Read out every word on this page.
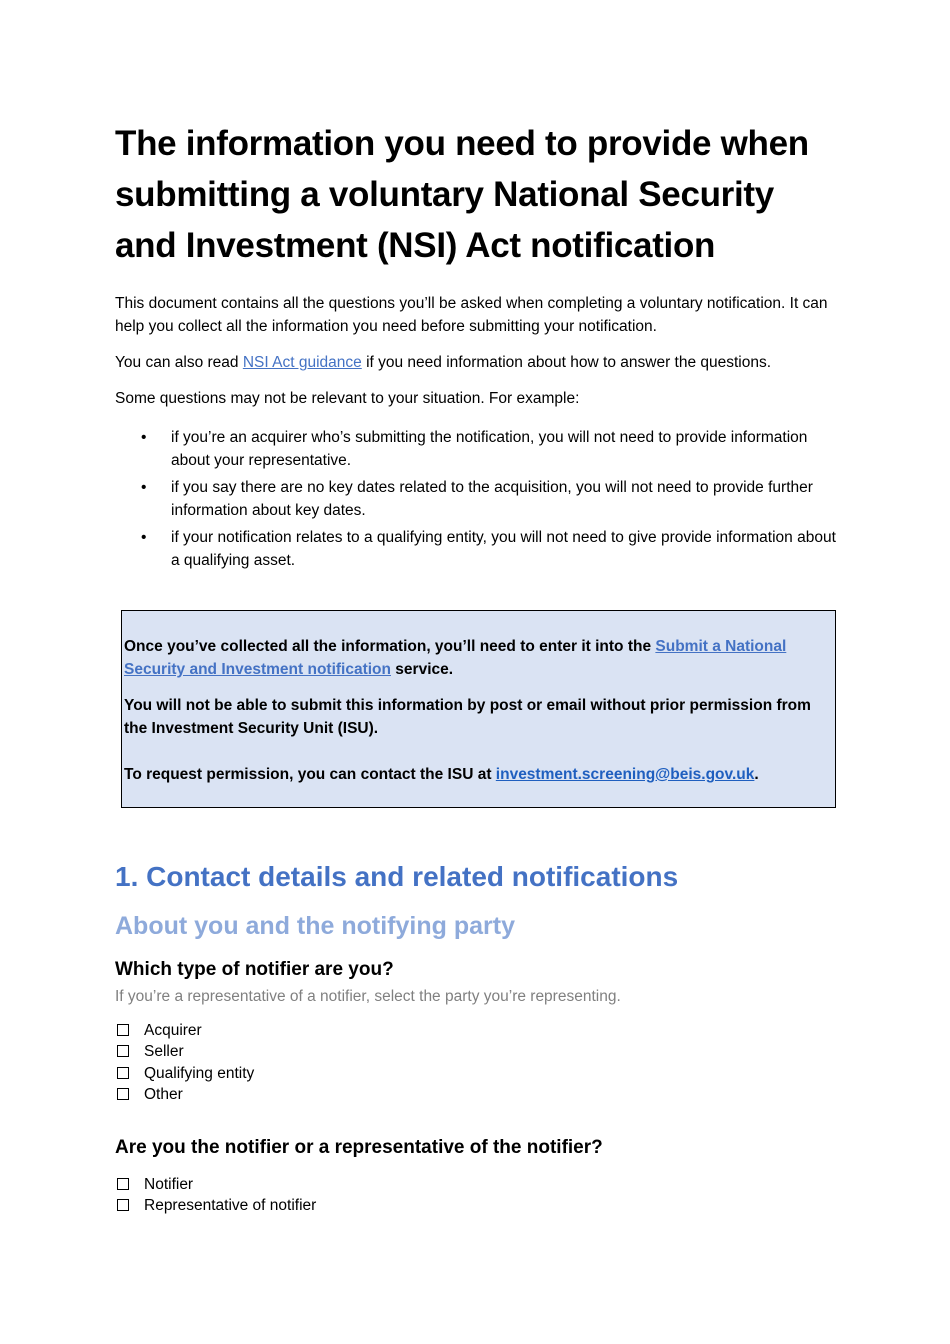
The information you need to provide when submitting a voluntary National Security and Investment (NSI) Act notification

This document contains all the questions you’ll be asked when completing a voluntary notification. It can help you collect all the information you need before submitting your notification.

You can also read NSI Act guidance if you need information about how to answer the questions.

Some questions may not be relevant to your situation. For example:

• if you’re an acquirer who’s submitting the notification, you will not need to provide information about your representative.
• if you say there are no key dates related to the acquisition, you will not need to provide further information about key dates.
• if your notification relates to a qualifying entity, you will not need to give provide information about a qualifying asset.
1. Contact details and related notifications
About you and the notifying party
Which type of notifier are you?

If you’re a representative of a notifier, select the party you’re representing.

Acquirer
Seller
Qualifying entity
Other
Are you the notifier or a representative of the notifier?
Notifier
Representative of notifier

Once you’ve collected all the information, you’ll need to enter it into the Submit a National Security and Investment notification service.

You will not be able to submit this information by post or email without prior permission from the Investment Security Unit (ISU).

To request permission, you can contact the ISU at investment.screening@beis.gov.uk.
